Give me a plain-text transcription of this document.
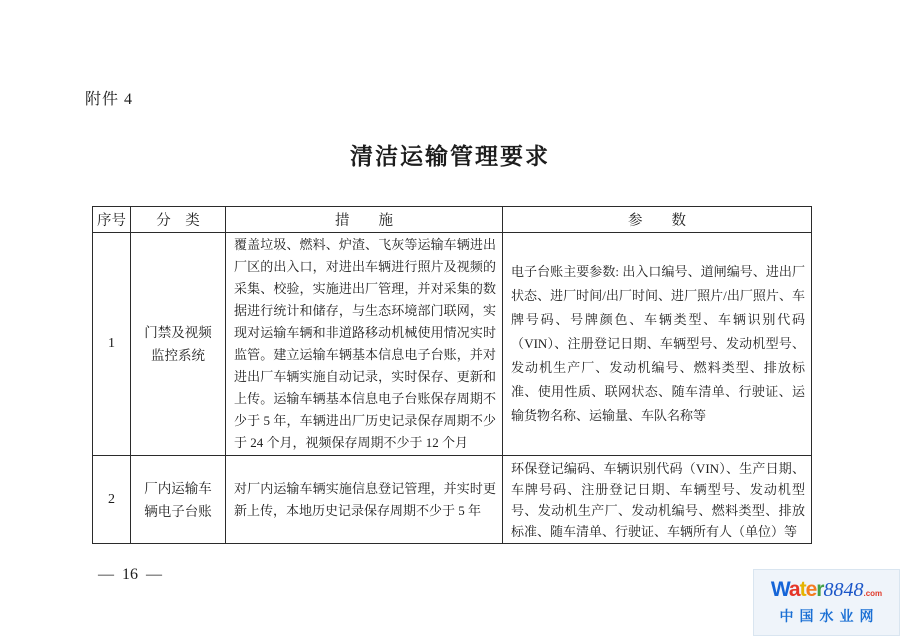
附件 4
清洁运输管理要求
序号	分　类	措　　施	参　　数
1	门禁及视频监控系统	覆盖垃圾、燃料、炉渣、飞灰等运输车辆进出厂区的出入口，对进出车辆进行照片及视频的采集、校验，实施进出厂管理，并对采集的数据进行统计和储存，与生态环境部门联网，实现对运输车辆和非道路移动机械使用情况实时监管。建立运输车辆基本信息电子台账，并对进出厂车辆实施自动记录，实时保存、更新和上传。运输车辆基本信息电子台账保存周期不少于 5 年，车辆进出厂历史记录保存周期不少于 24 个月，视频保存周期不少于 12 个月	电子台账主要参数: 出入口编号、道闸编号、进出厂状态、进厂时间/出厂时间、进厂照片/出厂照片、车牌号码、号牌颜色、车辆类型、车辆识别代码（VIN）、注册登记日期、车辆型号、发动机型号、发动机生产厂、发动机编号、燃料类型、排放标准、使用性质、联网状态、随车清单、行驶证、运输货物名称、运输量、车队名称等
2	厂内运输车辆电子台账	对厂内运输车辆实施信息登记管理，并实时更新上传，本地历史记录保存周期不少于 5 年	环保登记编码、车辆识别代码（VIN）、生产日期、车牌号码、注册登记日期、车辆型号、发动机型号、发动机生产厂、发动机编号、燃料类型、排放标准、随车清单、行驶证、车辆所有人（单位）等
— 16 —
Water8848.com
中国水业网
